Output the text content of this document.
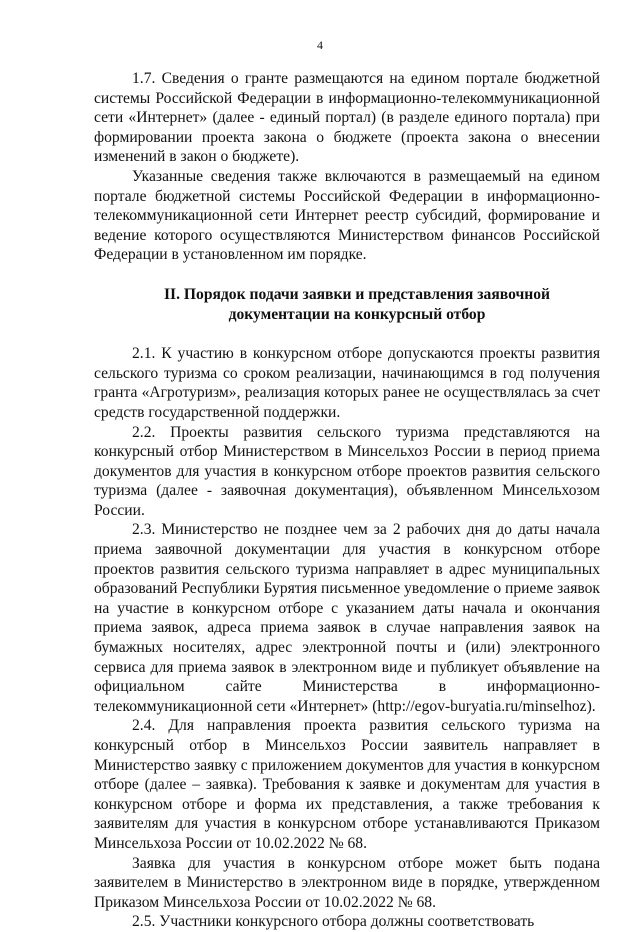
4

1.7. Сведения о гранте размещаются на едином портале бюджетной системы Российской Федерации в информационно-телекоммуникационной сети «Интернет» (далее - единый портал) (в разделе единого портала) при формировании проекта закона о бюджете (проекта закона о внесении изменений в закон о бюджете).

Указанные сведения также включаются в размещаемый на едином портале бюджетной системы Российской Федерации в информационно-телекоммуникационной сети Интернет реестр субсидий, формирование и ведение которого осуществляются Министерством финансов Российской Федерации в установленном им порядке.

II. Порядок подачи заявки и представления заявочной
документации на конкурсный отбор

2.1. К участию в конкурсном отборе допускаются проекты развития сельского туризма со сроком реализации, начинающимся в год получения гранта «Агротуризм», реализация которых ранее не осуществлялась за счет средств государственной поддержки.

2.2. Проекты развития сельского туризма представляются на конкурсный отбор Министерством в Минсельхоз России в период приема документов для участия в конкурсном отборе проектов развития сельского туризма (далее - заявочная документация), объявленном Минсельхозом России.

2.3. Министерство не позднее чем за 2 рабочих дня до даты начала приема заявочной документации для участия в конкурсном отборе проектов развития сельского туризма направляет в адрес муниципальных образований Республики Бурятия письменное уведомление о приеме заявок на участие в конкурсном отборе с указанием даты начала и окончания приема заявок, адреса приема заявок в случае направления заявок на бумажных носителях, адрес электронной почты и (или) электронного сервиса для приема заявок в электронном виде и публикует объявление на официальном сайте Министерства в информационно-телекоммуникационной сети «Интернет» (http://egov-buryatia.ru/minselhoz).

2.4. Для направления проекта развития сельского туризма на конкурсный отбор в Минсельхоз России заявитель направляет в Министерство заявку с приложением документов для участия в конкурсном отборе (далее – заявка). Требования к заявке и документам для участия в конкурсном отборе и форма их представления, а также требования к заявителям для участия в конкурсном отборе устанавливаются Приказом Минсельхоза России от 10.02.2022 № 68.

Заявка для участия в конкурсном отборе может быть подана заявителем в Министерство в электронном виде в порядке, утвержденном Приказом Минсельхоза России от 10.02.2022 № 68.

2.5. Участники конкурсного отбора должны соответствовать
